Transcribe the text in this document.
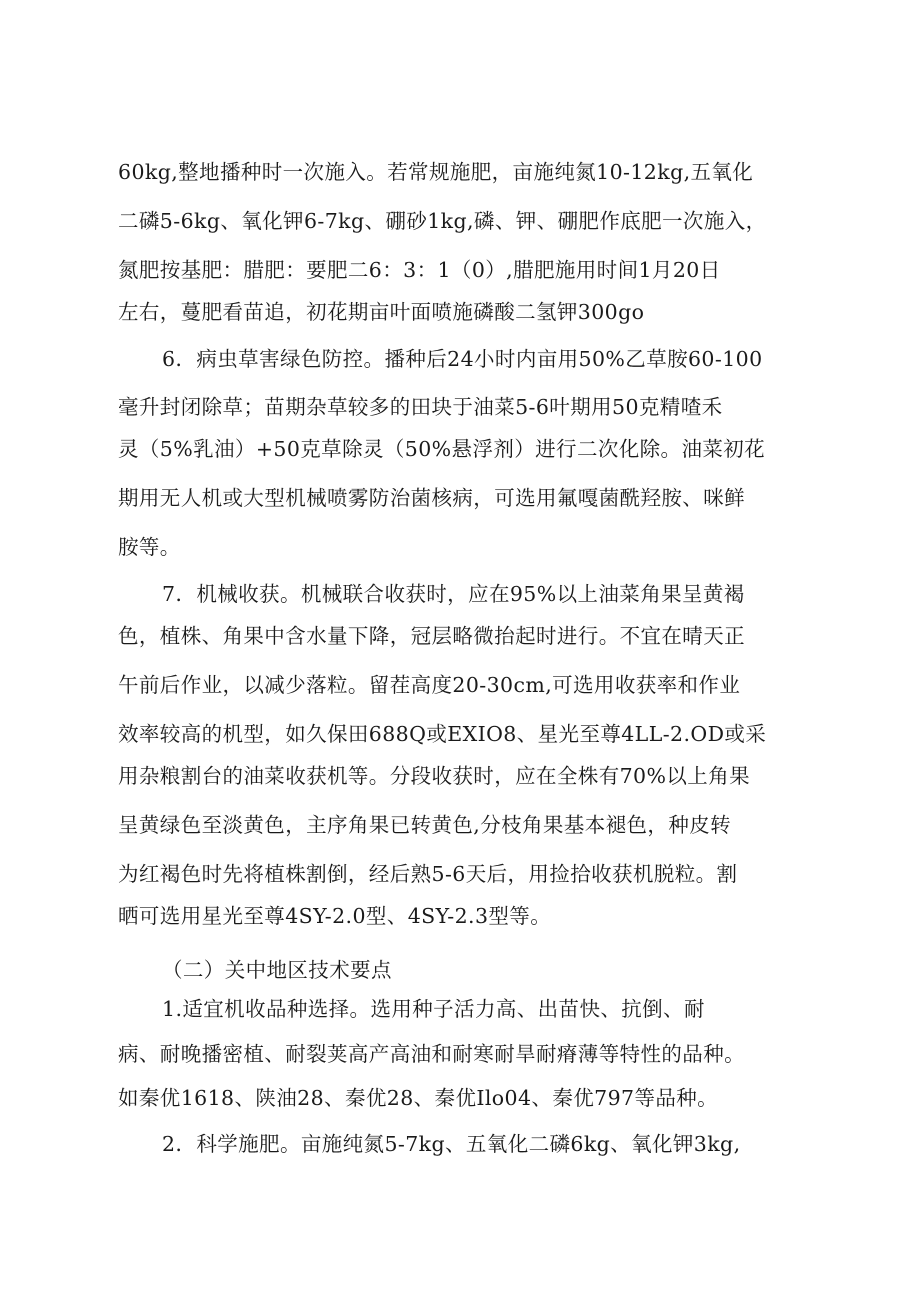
60kg,整地播种时一次施入。若常规施肥，亩施纯氮10-12kg,五氧化

二磷5-6kg、氧化钾6-7kg、硼砂1kg,磷、钾、硼肥作底肥一次施入，

氮肥按基肥：腊肥：要肥二6：3：1（0）,腊肥施用时间1月20日

左右，蔓肥看苗追，初花期亩叶面喷施磷酸二氢钾300go

6．病虫草害绿色防控。播种后24小时内亩用50%乙草胺60-100

毫升封闭除草；苗期杂草较多的田块于油菜5-6叶期用50克精喳禾

灵（5%乳油）+50克草除灵（50%悬浮剂）进行二次化除。油菜初花

期用无人机或大型机械喷雾防治菌核病，可选用氟嘎菌酰羟胺、咪鲜

胺等。

7．机械收获。机械联合收获时，应在95%以上油菜角果呈黄褐

色，植株、角果中含水量下降，冠层略微抬起时进行。不宜在晴天正

午前后作业，以减少落粒。留茬高度20-30cm,可选用收获率和作业

效率较高的机型，如久保田688Q或EXIO8、星光至尊4LL-2.OD或采

用杂粮割台的油菜收获机等。分段收获时，应在全株有70%以上角果

呈黄绿色至淡黄色，主序角果已转黄色,分枝角果基本褪色，种皮转

为红褐色时先将植株割倒，经后熟5-6天后，用捡拾收获机脱粒。割

晒可选用星光至尊4SY-2.0型、4SY-2.3型等。

（二）关中地区技术要点

1.适宜机收品种选择。选用种子活力高、出苗快、抗倒、耐

病、耐晚播密植、耐裂荚高产高油和耐寒耐旱耐瘠薄等特性的品种。

如秦优1618、陕油28、秦优28、秦优Ilo04、秦优797等品种。

2．科学施肥。亩施纯氮5-7kg、五氧化二磷6kg、氧化钾3kg,
